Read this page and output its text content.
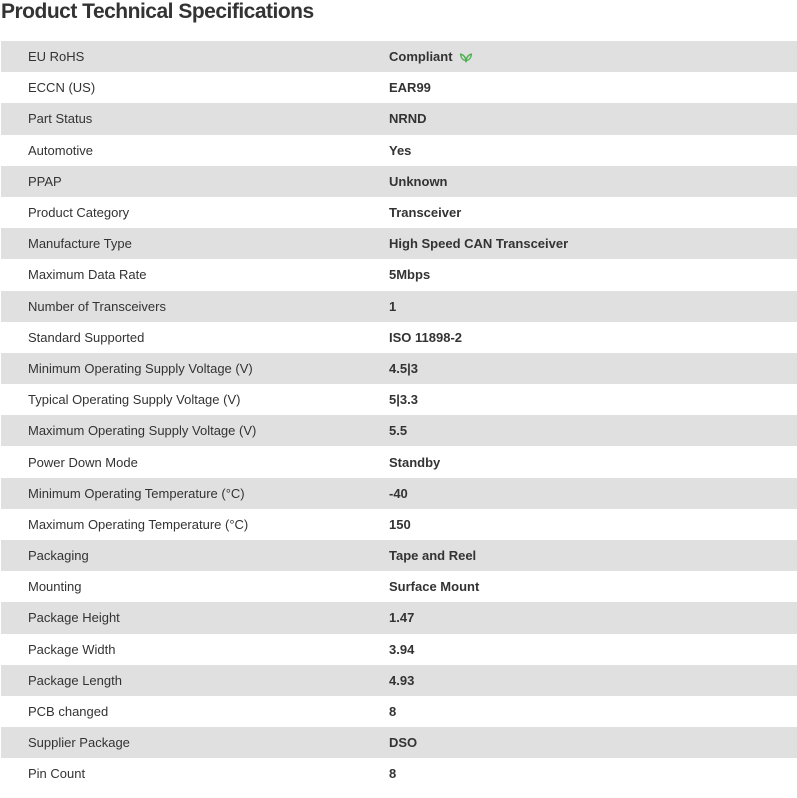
Product Technical Specifications
EU RoHS	Compliant
ECCN (US)	EAR99
Part Status	NRND
Automotive	Yes
PPAP	Unknown
Product Category	Transceiver
Manufacture Type	High Speed CAN Transceiver
Maximum Data Rate	5Mbps
Number of Transceivers	1
Standard Supported	ISO 11898-2
Minimum Operating Supply Voltage (V)	4.5|3
Typical Operating Supply Voltage (V)	5|3.3
Maximum Operating Supply Voltage (V)	5.5
Power Down Mode	Standby
Minimum Operating Temperature (°C)	-40
Maximum Operating Temperature (°C)	150
Packaging	Tape and Reel
Mounting	Surface Mount
Package Height	1.47
Package Width	3.94
Package Length	4.93
PCB changed	8
Supplier Package	DSO
Pin Count	8
